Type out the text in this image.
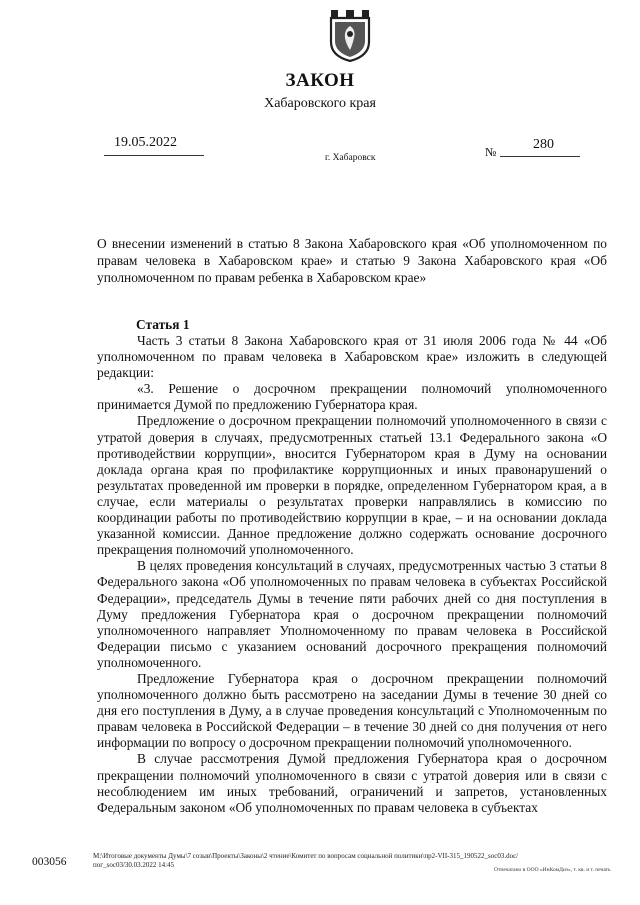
ЗАКОН
Хабаровского края
19.05.2022
г. Хабаровск	№	280
О внесении изменений в статью 8 Закона Хабаровского края «Об уполномоченном по правам человека в Хабаровском крае» и статью 9 Закона Хабаровского края «Об уполномоченном по правам ребенка в Хабаровском крае»
Статья 1

Часть 3 статьи 8 Закона Хабаровского края от 31 июля 2006 года № 44 «Об уполномоченном по правам человека в Хабаровском крае» изложить в следующей редакции:

«3. Решение о досрочном прекращении полномочий уполномоченного принимается Думой по предложению Губернатора края.

Предложение о досрочном прекращении полномочий уполномоченного в связи с утратой доверия в случаях, предусмотренных статьей 13.1 Федерального закона «О противодействии коррупции», вносится Губернатором края в Думу на основании доклада органа края по профилактике коррупционных и иных правонарушений о результатах проведенной им проверки в порядке, определенном Губернатором края, а в случае, если материалы о результатах проверки направлялись в комиссию по координации работы по противодействию коррупции в крае, – и на основании доклада указанной комиссии. Данное предложение должно содержать основание досрочного прекращения полномочий уполномоченного.

В целях проведения консультаций в случаях, предусмотренных частью 3 статьи 8 Федерального закона «Об уполномоченных по правам человека в субъектах Российской Федерации», председатель Думы в течение пяти рабочих дней со дня поступления в Думу предложения Губернатора края о досрочном прекращении полномочий уполномоченного направляет Уполномоченному по правам человека в Российской Федерации письмо с указанием оснований досрочного прекращения полномочий уполномоченного.

Предложение Губернатора края о досрочном прекращении полномочий уполномоченного должно быть рассмотрено на заседании Думы в течение 30 дней со дня его поступления в Думу, а в случае проведения консультаций с Уполномоченным по правам человека в Российской Федерации – в течение 30 дней со дня получения от него информации по вопросу о досрочном прекращении полномочий уполномоченного.

В случае рассмотрения Думой предложения Губернатора края о досрочном прекращении полномочий уполномоченного в связи с утратой доверия или в связи с несоблюдением им иных требований, ограничений и запретов, установленных Федеральным законом «Об уполномоченных по правам человека в субъектах

003056	М:\Итоговые документы Думы\7 созыв\Проекты\Законы\2 чтение\Комитет по вопросам социальной политики\пр2-VII-315_190522_soc03.doc/пог_soc03/30.03.2022 14:45
Отпечатано в ООО «ИнКомДиз», т. кв. и т. печать
